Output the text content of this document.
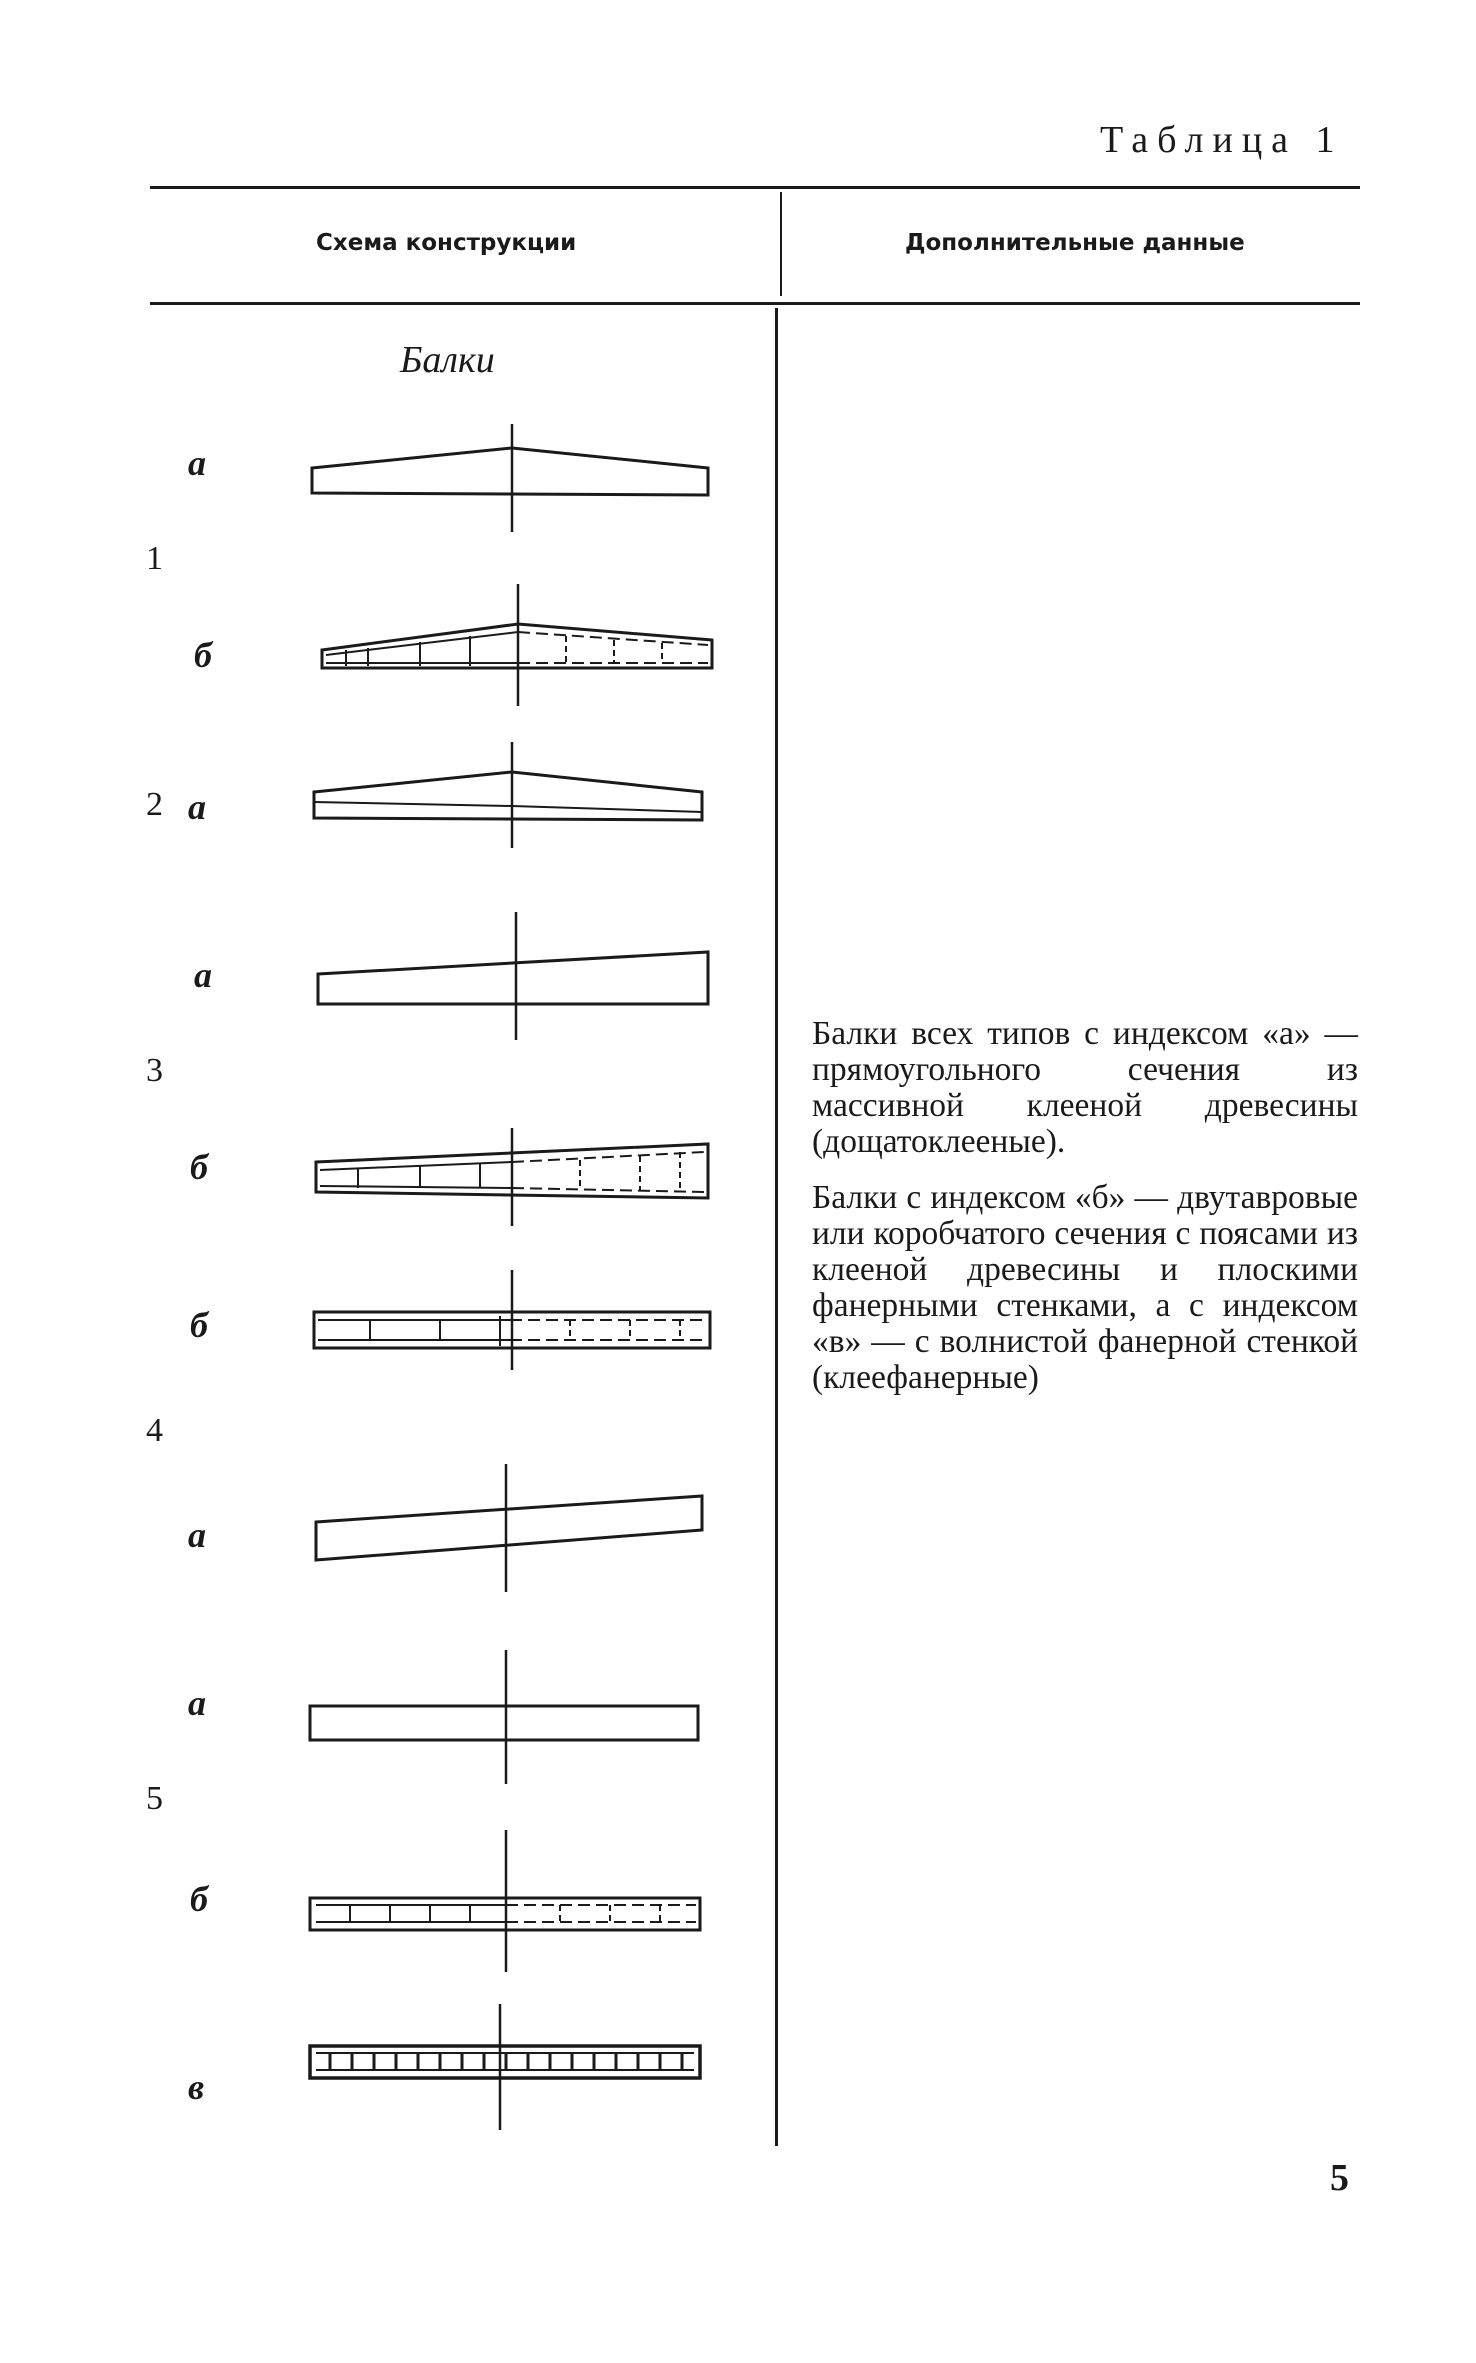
Таблица 1
Схема конструкции	Дополнительные данные
Балки
1
а
б
2 а
3
а
б
4
б
а
5
а
б
в

Балки всех типов с индексом «а» — прямоугольного сечения из массивной клееной древесины (дощатоклееные).

Балки с индексом «б» — двутавровые или коробчатого сечения с поясами из клееной древесины и плоскими фанерными стенками, а с индексом «в» — с волнистой фанерной стенкой (клеефанерные)

5
